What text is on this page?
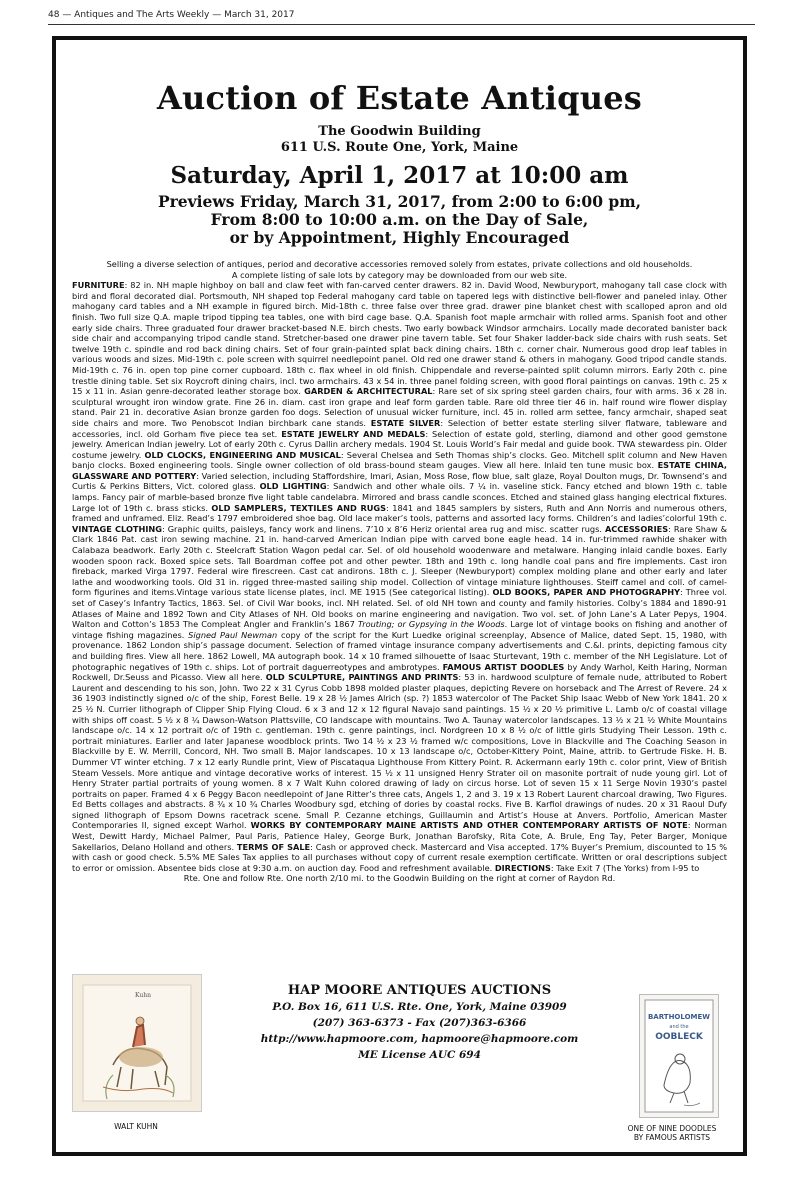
48 — Antiques and The Arts Weekly — March 31, 2017
Auction of Estate Antiques
The Goodwin Building
611 U.S. Route One, York, Maine
Saturday, April 1, 2017 at 10:00 am
Previews Friday, March 31, 2017, from 2:00 to 6:00 pm,
From 8:00 to 10:00 a.m. on the Day of Sale,
or by Appointment, Highly Encouraged
Selling a diverse selection of antiques, period and decorative accessories removed solely from estates, private collections and old households.
A complete listing of sale lots by category may be downloaded from our web site.
FURNITURE: 82 in. NH maple highboy on ball and claw feet with fan-carved center drawers. 82 in. David Wood, Newburyport, mahogany tall case clock with bird and floral decorated dial. Portsmouth, NH shaped top Federal mahogany card table on tapered legs with distinctive bell-flower and paneled inlay. Other mahogany card tables and a NH example in figured birch. Mid-18th c. three false over three grad. drawer pine blanket chest with scalloped apron and old finish. Two full size Q.A. maple tripod tipping tea tables, one with bird cage base. Q.A. Spanish foot maple armchair with rolled arms. Spanish foot and other early side chairs. Three graduated four drawer bracket-based N.E. birch chests. Two early bowback Windsor armchairs. Locally made decorated banister back side chair and accompanying tripod candle stand. Stretcher-based one drawer pine tavern table. Set four Shaker ladder-back side chairs with rush seats. Set twelve 19th c. spindle and rod back dining chairs. Set of four grain-painted splat back dining chairs. 18th c. corner chair. Numerous good drop leaf tables in various woods and sizes. Mid-19th c. pole screen with squirrel needlepoint panel. Old red one drawer stand & others in mahogany. Good tripod candle stands. Mid-19th c. 76 in. open top pine corner cupboard. 18th c. flax wheel in old finish. Chippendale and reverse-painted split column mirrors. Early 20th c. pine trestle dining table. Set six Roycroft dining chairs, incl. two armchairs. 43 x 54 in. three panel folding screen, with good floral paintings on canvas. 19th c. 25 x 15 x 11 in. Asian genre-decorated leather storage box. GARDEN & ARCHITECTURAL: Rare set of six spring steel garden chairs, four with arms. 36 x 28 in. sculptural wrought iron window grate. Fine 26 in. diam. cast iron grape and leaf form garden table. Rare old three tier 46 in. half round wire flower display stand. Pair 21 in. decorative Asian bronze garden foo dogs. Selection of unusual wicker furniture, incl. 45 in. rolled arm settee, fancy armchair, shaped seat side chairs and more. Two Penobscot Indian birchbark cane stands. ESTATE SILVER: Selection of better estate sterling silver flatware, tableware and accessories, incl. old Gorham five piece tea set. ESTATE JEWELRY AND MEDALS: Selection of estate gold, sterling, diamond and other good gemstone jewelry. American Indian jewelry. Lot of early 20th c. Cyrus Dallin archery medals. 1904 St. Louis World’s Fair medal and guide book. TWA stewardess pin. Older costume jewelry. OLD CLOCKS, ENGINEERING AND MUSICAL: Several Chelsea and Seth Thomas ship’s clocks. Geo. Mitchell split column and New Haven banjo clocks. Boxed engineering tools. Single owner collection of old brass-bound steam gauges. View all here. Inlaid ten tune music box. ESTATE CHINA, GLASSWARE AND POTTERY: Varied selection, including Staffordshire, Imari, Asian, Moss Rose, flow blue, salt glaze, Royal Doulton mugs, Dr. Townsend’s and Curtis & Perkins Bitters, Vict. colored glass. OLD LIGHTING: Sandwich and other whale oils. 7 ¼ in. vaseline stick. Fancy etched and blown 19th c. table lamps. Fancy pair of marble-based bronze five light table candelabra. Mirrored and brass candle sconces. Etched and stained glass hanging electrical fixtures. Large lot of 19th c. brass sticks. OLD SAMPLERS, TEXTILES AND RUGS: 1841 and 1845 samplers by sisters, Ruth and Ann Norris and numerous others, framed and unframed. Eliz. Read’s 1797 embroidered shoe bag. Old lace maker’s tools, patterns and assorted lacy forms. Children’s and ladies’colorful 19th c. VINTAGE CLOTHING: Graphic quilts, paisleys, fancy work and linens. 7’10 x 8’6 Heriz oriental area rug and misc. scatter rugs. ACCESSORIES: Rare Shaw & Clark 1846 Pat. cast iron sewing machine. 21 in. hand-carved American Indian pipe with carved bone eagle head. 14 in. fur-trimmed rawhide shaker with Calabaza beadwork. Early 20th c. Steelcraft Station Wagon pedal car. Sel. of old household woodenware and metalware. Hanging inlaid candle boxes. Early wooden spoon rack. Boxed spice sets. Tall Boardman coffee pot and other pewter. 18th and 19th c. long handle coal pans and fire implements. Cast iron fireback, marked Virga 1797. Federal wire firescreen. Cast cat andirons. 18th c. J. Sleeper (Newburyport) complex molding plane and other early and later lathe and woodworking tools. Old 31 in. rigged three-masted sailing ship model. Collection of vintage miniature lighthouses. Steiff camel and coll. of camel-form figurines and items.Vintage various state license plates, incl. ME 1915 (See categorical listing). OLD BOOKS, PAPER AND PHOTOGRAPHY: Three vol. set of Casey’s Infantry Tactics, 1863. Sel. of Civil War books, incl. NH related. Sel. of old NH town and county and family histories. Colby’s 1884 and 1890-91 Atlases of Maine and 1892 Town and City Atlases of NH. Old books on marine engineering and navigation. Two vol. set. of John Lane’s A Later Pepys, 1904. Walton and Cotton’s 1853 The Compleat Angler and Franklin’s 1867 Trouting; or Gypsying in the Woods. Large lot of vintage books on fishing and another of vintage fishing magazines. Signed Paul Newman copy of the script for the Kurt Luedke original screenplay, Absence of Malice, dated Sept. 15, 1980, with provenance. 1862 London ship’s passage document. Selection of framed vintage insurance company advertisements and C.&I. prints, depicting famous city and building fires. View all here. 1862 Lowell, MA autograph book. 14 x 10 framed silhouette of Isaac Sturtevant, 19th c. member of the NH Legislature. Lot of photographic negatives of 19th c. ships. Lot of portrait daguerreotypes and ambrotypes. FAMOUS ARTIST DOODLES by Andy Warhol, Keith Haring, Norman Rockwell, Dr.Seuss and Picasso. View all here. OLD SCULPTURE, PAINTINGS AND PRINTS: 53 in. hardwood sculpture of female nude, attributed to Robert Laurent and descending to his son, John. Two 22 x 31 Cyrus Cobb 1898 molded plaster plaques, depicting Revere on horseback and The Arrest of Revere. 24 x 36 1903 indistinctly signed o/c of the ship, Forest Belle. 19 x 28 ½ James Alrich (sp. ?) 1853 watercolor of The Packet Ship Isaac Webb of New York 1841. 20 x 25 ½ N. Currier lithograph of Clipper Ship Flying Cloud. 6 x 3 and 12 x 12 figural Navajo sand paintings. 15 ½ x 20 ½ primitive L. Lamb o/c of coastal village with ships off coast. 5 ½ x 8 ¼ Dawson-Watson Plattsville, CO landscape with mountains. Two A. Taunay watercolor landscapes. 13 ½ x 21 ½ White Mountains landscape o/c. 14 x 12 portrait o/c of 19th c. gentleman. 19th c. genre paintings, incl. Nordgreen 10 x 8 ½ o/c of little girls Studying Their Lesson. 19th c. portrait miniatures. Earlier and later Japanese woodblock prints. Two 14 ½ x 23 ½ framed w/c compositions, Love in Blackville and The Coaching Season in Blackville by E. W. Merrill, Concord, NH. Two small B. Major landscapes. 10 x 13 landscape o/c, October-Kittery Point, Maine, attrib. to Gertrude Fiske. H. B. Dummer VT winter etching. 7 x 12 early Rundle print, View of Piscataqua Lighthouse From Kittery Point. R. Ackermann early 19th c. color print, View of British Steam Vessels. More antique and vintage decorative works of interest. 15 ½ x 11 unsigned Henry Strater oil on masonite portrait of nude young girl. Lot of Henry Strater partial portraits of young women. 8 x 7 Walt Kuhn colored drawing of lady on circus horse. Lot of seven 15 x 11 Serge Novin 1930’s pastel portraits on paper. Framed 4 x 6 Peggy Bacon needlepoint of Jane Ritter’s three cats, Angels 1, 2 and 3. 19 x 13 Robert Laurent charcoal drawing, Two Figures. Ed Betts collages and abstracts. 8 ¾ x 10 ¾ Charles Woodbury sgd, etching of dories by coastal rocks. Five B. Karfiol drawings of nudes. 20 x 31 Raoul Dufy signed lithograph of Epsom Downs racetrack scene. Small P. Cezanne etchings, Guillaumin and Artist’s House at Anvers. Portfolio, American Master Contemporaries II, signed except Warhol. WORKS BY CONTEMPORARY MAINE ARTISTS AND OTHER CONTEMPORARY ARTISTS OF NOTE: Norman West, Dewitt Hardy, Michael Palmer, Paul Paris, Patience Haley, George Burk, Jonathan Barofsky, Rita Cote, A. Brule, Eng Tay, Peter Barger, Monique Sakellarios, Delano Holland and others. TERMS OF SALE: Cash or approved check. Mastercard and Visa accepted. 17% Buyer’s Premium, discounted to 15 % with cash or good check. 5.5% ME Sales Tax applies to all purchases without copy of current resale exemption certificate. Written or oral descriptions subject to error or omission. Absentee bids close at 9:30 a.m. on auction day. Food and refreshment available. DIRECTIONS: Take Exit 7 (The Yorks) from I-95 to
Rte. One and follow Rte. One north 2/10 mi. to the Goodwin Building on the right at corner of Raydon Rd.
Kuhn
WALT KUHN
HAP MOORE ANTIQUES AUCTIONS
P.O. Box 16, 611 U.S. Rte. One, York, Maine 03909
(207) 363-6373 - Fax (207)363-6366
http://www.hapmoore.com, hapmoore@hapmoore.com
ME License AUC 694
BARTHOLOMEW
and the
OOBLECK
ONE OF NINE DOODLES
BY FAMOUS ARTISTS
